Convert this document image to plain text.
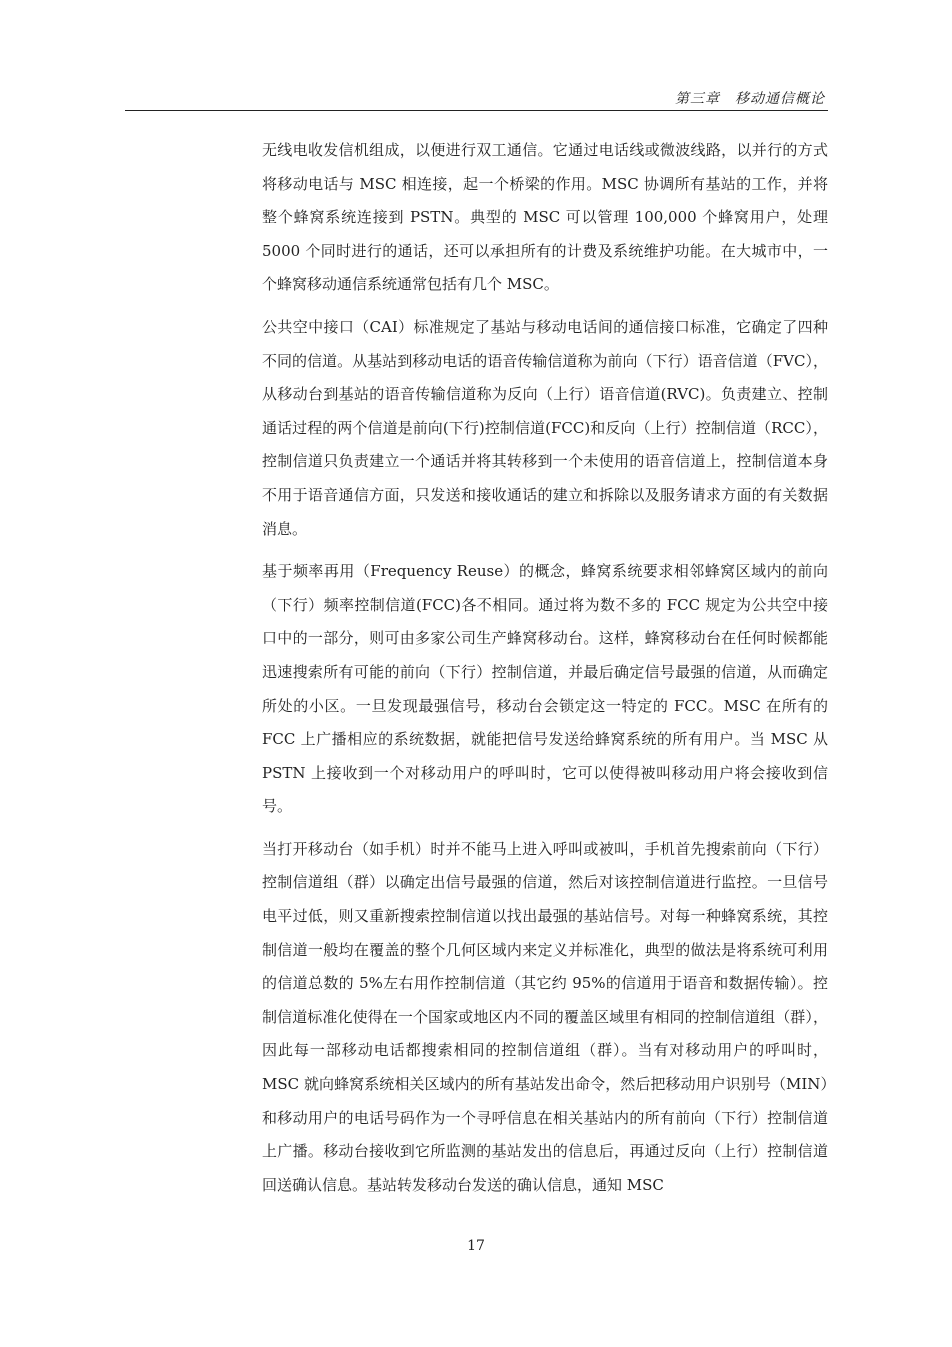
第三章　移动通信概论

无线电收发信机组成，以便进行双工通信。它通过电话线或微波线路，以并行的方式将移动电话与 MSC 相连接，起一个桥梁的作用。MSC 协调所有基站的工作，并将整个蜂窝系统连接到 PSTN。典型的 MSC 可以管理 100,000 个蜂窝用户，处理 5000 个同时进行的通话，还可以承担所有的计费及系统维护功能。在大城市中，一个蜂窝移动通信系统通常包括有几个 MSC。

公共空中接口（CAI）标准规定了基站与移动电话间的通信接口标准，它确定了四种不同的信道。从基站到移动电话的语音传输信道称为前向（下行）语音信道（FVC），从移动台到基站的语音传输信道称为反向（上行）语音信道(RVC)。负责建立、控制通话过程的两个信道是前向(下行)控制信道(FCC)和反向（上行）控制信道（RCC），控制信道只负责建立一个通话并将其转移到一个未使用的语音信道上，控制信道本身不用于语音通信方面，只发送和接收通话的建立和拆除以及服务请求方面的有关数据消息。

基于频率再用（Frequency Reuse）的概念，蜂窝系统要求相邻蜂窝区域内的前向（下行）频率控制信道(FCC)各不相同。通过将为数不多的 FCC 规定为公共空中接口中的一部分，则可由多家公司生产蜂窝移动台。这样，蜂窝移动台在任何时候都能迅速搜索所有可能的前向（下行）控制信道，并最后确定信号最强的信道，从而确定所处的小区。一旦发现最强信号，移动台会锁定这一特定的 FCC。MSC 在所有的 FCC 上广播相应的系统数据，就能把信号发送给蜂窝系统的所有用户。当 MSC 从 PSTN 上接收到一个对移动用户的呼叫时，它可以使得被叫移动用户将会接收到信号。

当打开移动台（如手机）时并不能马上进入呼叫或被叫，手机首先搜索前向（下行）控制信道组（群）以确定出信号最强的信道，然后对该控制信道进行监控。一旦信号电平过低，则又重新搜索控制信道以找出最强的基站信号。对每一种蜂窝系统，其控制信道一般均在覆盖的整个几何区域内来定义并标准化，典型的做法是将系统可利用的信道总数的 5%左右用作控制信道（其它约 95%的信道用于语音和数据传输）。控制信道标准化使得在一个国家或地区内不同的覆盖区域里有相同的控制信道组（群），因此每一部移动电话都搜索相同的控制信道组（群）。当有对移动用户的呼叫时，MSC 就向蜂窝系统相关区域内的所有基站发出命令，然后把移动用户识别号（MIN）和移动用户的电话号码作为一个寻呼信息在相关基站内的所有前向（下行）控制信道上广播。移动台接收到它所监测的基站发出的信息后，再通过反向（上行）控制信道回送确认信息。基站转发移动台发送的确认信息，通知 MSC

17
